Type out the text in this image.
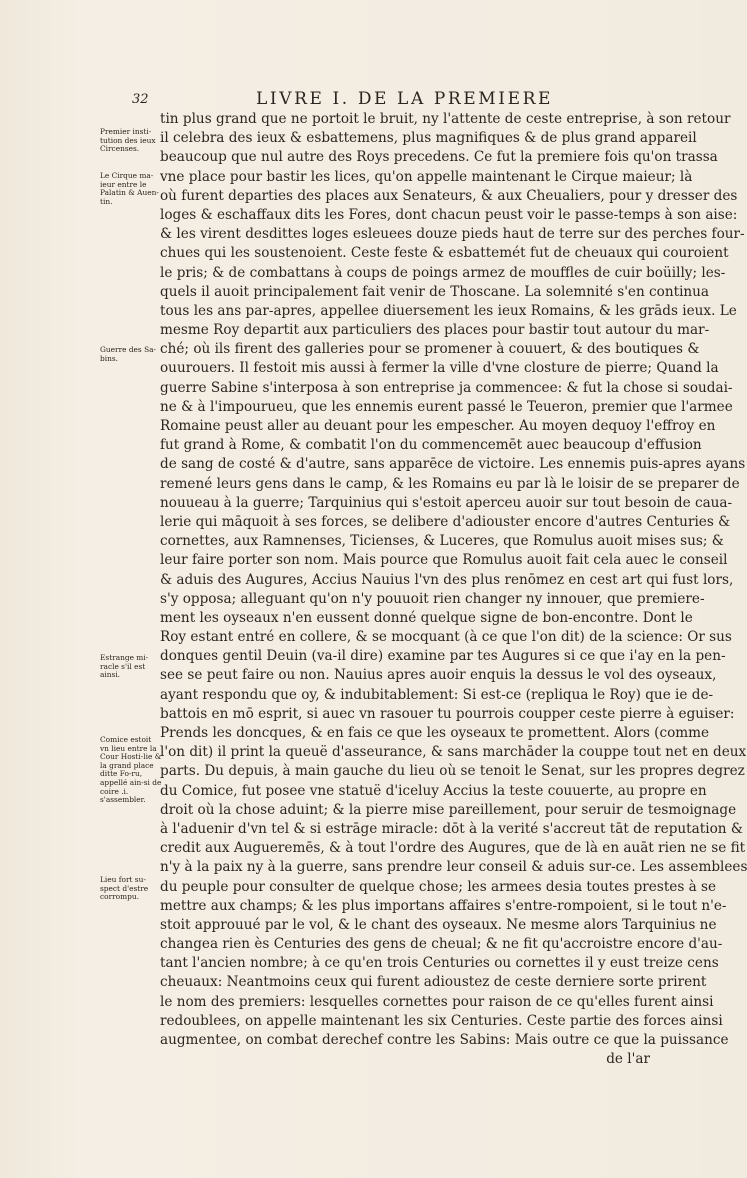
32	LIVRE I. DE LA PREMIERE
Premier insti-tution des ieux Circenses.
Le Cirque ma-ieur entre le Palatin & Auen-tin.
Guerre des Sa-bins.
Estrange mi-racle s'il est ainsi.
Comice estoit vn lieu entre la Cour Hosti-lie & la grand place ditte Fo-ru, appellé ain-si de coire .i. s'assembler.
Lieu fort su-spect d'estre corrompu.
tin plus grand que ne portoit le bruit, ny l'attente de ceste entreprise, à son retour
il celebra des ieux & esbattemens, plus magnifiques & de plus grand appareil
beaucoup que nul autre des Roys precedens. Ce fut la premiere fois qu'on trassa
vne place pour bastir les lices, qu'on appelle maintenant le Cirque maieur; là
où furent departies des places aux Senateurs, & aux Cheualiers, pour y dresser des
loges & eschaffaux dits les Fores, dont chacun peust voir le passe-temps à son aise:
& les virent desdittes loges esleuees douze pieds haut de terre sur des perches four-
chues qui les soustenoient. Ceste feste & esbattemét fut de cheuaux qui couroient
le pris; & de combattans à coups de poings armez de mouffles de cuir boüilly; les-
quels il auoit principalement fait venir de Thoscane. La solemnité s'en continua
tous les ans par-apres, appellee diuersement les ieux Romains, & les grāds ieux. Le
mesme Roy departit aux particuliers des places pour bastir tout autour du mar-
ché; où ils firent des galleries pour se promener à couuert, & des boutiques &
ouurouers. Il festoit mis aussi à fermer la ville d'vne closture de pierre; Quand la
guerre Sabine s'interposa à son entreprise ja commencee: & fut la chose si soudai-
ne & à l'impourueu, que les ennemis eurent passé le Teueron, premier que l'armee
Romaine peust aller au deuant pour les empescher. Au moyen dequoy l'effroy en
fut grand à Rome, & combatit l'on du commencemēt auec beaucoup d'effusion
de sang de costé & d'autre, sans apparēce de victoire. Les ennemis puis-apres ayans
remené leurs gens dans le camp, & les Romains eu par là le loisir de se preparer de
nouueau à la guerre; Tarquinius qui s'estoit aperceu auoir sur tout besoin de caua-
lerie qui māquoit à ses forces, se delibere d'adiouster encore d'autres Centuries &
cornettes, aux Ramnenses, Ticienses, & Luceres, que Romulus auoit mises sus; &
leur faire porter son nom. Mais pource que Romulus auoit fait cela auec le conseil
& aduis des Augures, Accius Nauius l'vn des plus renōmez en cest art qui fust lors,
s'y opposa; alleguant qu'on n'y pouuoit rien changer ny innouer, que premiere-
ment les oyseaux n'en eussent donné quelque signe de bon-encontre. Dont le
Roy estant entré en collere, & se mocquant (à ce que l'on dit) de la science: Or sus
donques gentil Deuin (va-il dire) examine par tes Augures si ce que i'ay en la pen-
see se peut faire ou non. Nauius apres auoir enquis la dessus le vol des oyseaux,
ayant respondu que oy, & indubitablement: Si est-ce (repliqua le Roy) que ie de-
battois en mō esprit, si auec vn rasouer tu pourrois coupper ceste pierre à eguiser:
Prends les doncques, & en fais ce que les oyseaux te promettent. Alors (comme
l'on dit) il print la queuë d'asseurance, & sans marchāder la couppe tout net en deux
parts. Du depuis, à main gauche du lieu où se tenoit le Senat, sur les propres degrez
du Comice, fut posee vne statuë d'iceluy Accius la teste couuerte, au propre en
droit où la chose aduint; & la pierre mise pareillement, pour seruir de tesmoignage
à l'aduenir d'vn tel & si estrāge miracle: dōt à la verité s'accreut tāt de reputation &
credit aux Augueremēs, & à tout l'ordre des Augures, que de là en auāt rien ne se fit
n'y à la paix ny à la guerre, sans prendre leur conseil & aduis sur-ce. Les assemblees
du peuple pour consulter de quelque chose; les armees desia toutes prestes à se
mettre aux champs; & les plus importans affaires s'entre-rompoient, si le tout n'e-
stoit approuué par le vol, & le chant des oyseaux. Ne mesme alors Tarquinius ne
changea rien ès Centuries des gens de cheual; & ne fit qu'accroistre encore d'au-
tant l'ancien nombre; à ce qu'en trois Centuries ou cornettes il y eust treize cens
cheuaux: Neantmoins ceux qui furent adioustez de ceste derniere sorte prirent
le nom des premiers: lesquelles cornettes pour raison de ce qu'elles furent ainsi
redoublees, on appelle maintenant les six Centuries. Ceste partie des forces ainsi
augmentee, on combat derechef contre les Sabins: Mais outre ce que la puissance
de l'ar
